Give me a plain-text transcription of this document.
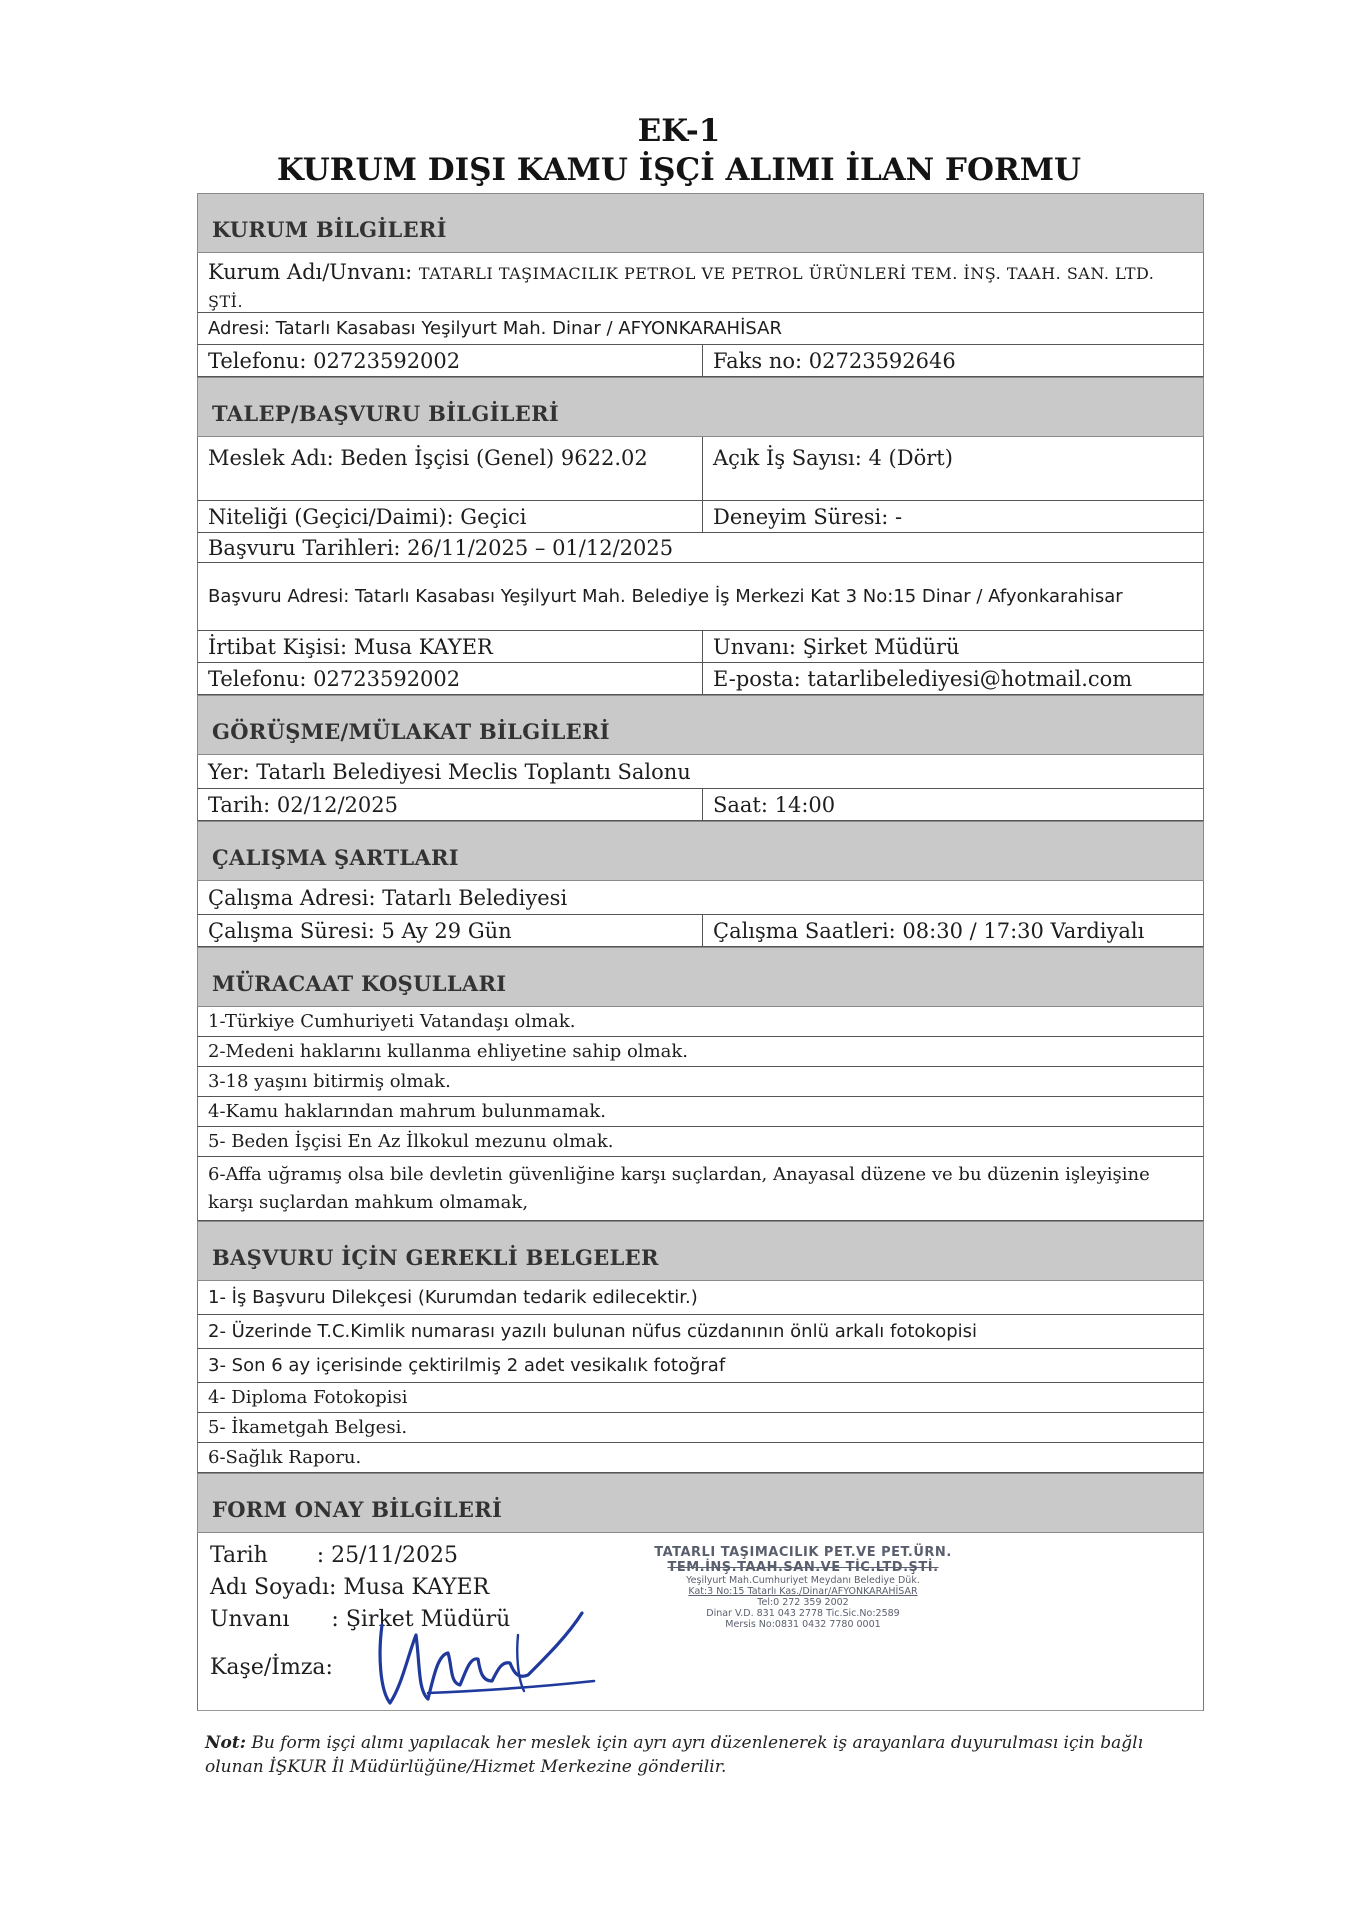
EK-1
KURUM DIŞI KAMU İŞÇİ ALIMI İLAN FORMU
KURUM BİLGİLERİ
Kurum Adı/Unvanı: TATARLI TAŞIMACILIK PETROL VE PETROL ÜRÜNLERİ TEM. İNŞ. TAAH. SAN. LTD. ŞTİ.
Adresi: Tatarlı Kasabası Yeşilyurt Mah. Dinar / AFYONKARAHİSAR
Telefonu: 02723592002	Faks no: 02723592646
TALEP/BAŞVURU BİLGİLERİ
Meslek Adı: Beden İşçisi (Genel) 9622.02	Açık İş Sayısı: 4 (Dört)
Niteliği (Geçici/Daimi): Geçici	Deneyim Süresi: -
Başvuru Tarihleri: 26/11/2025 – 01/12/2025
Başvuru Adresi: Tatarlı Kasabası Yeşilyurt Mah. Belediye İş Merkezi Kat 3 No:15 Dinar / Afyonkarahisar
İrtibat Kişisi: Musa KAYER	Unvanı: Şirket Müdürü
Telefonu: 02723592002	E-posta: tatarlibelediyesi@hotmail.com
GÖRÜŞME/MÜLAKAT BİLGİLERİ
Yer: Tatarlı Belediyesi Meclis Toplantı Salonu
Tarih: 02/12/2025	Saat: 14:00
ÇALIŞMA ŞARTLARI
Çalışma Adresi: Tatarlı Belediyesi
Çalışma Süresi: 5 Ay 29 Gün	Çalışma Saatleri: 08:30 / 17:30 Vardiyalı
MÜRACAAT KOŞULLARI
1-Türkiye Cumhuriyeti Vatandaşı olmak.
2-Medeni haklarını kullanma ehliyetine sahip olmak.
3-18 yaşını bitirmiş olmak.
4-Kamu haklarından mahrum bulunmamak.
5- Beden İşçisi En Az İlkokul mezunu olmak.
6-Affa uğramış olsa bile devletin güvenliğine karşı suçlardan, Anayasal düzene ve bu düzenin işleyişine karşı suçlardan mahkum olmamak,
BAŞVURU İÇİN GEREKLİ BELGELER
1- İş Başvuru Dilekçesi (Kurumdan tedarik edilecektir.)
2- Üzerinde T.C.Kimlik numarası yazılı bulunan nüfus cüzdanının önlü arkalı fotokopisi
3- Son 6 ay içerisinde çektirilmiş 2 adet vesikalık fotoğraf
4- Diploma Fotokopisi
5- İkametgah Belgesi.
6-Sağlık Raporu.
FORM ONAY BİLGİLERİ
Tarih       : 25/11/2025
Adı Soyadı: Musa KAYER
Unvanı      : Şirket Müdürü
Kaşe/İmza:
TATARLI TAŞIMACILIK PET.VE PET.ÜRN.
TEM.İNŞ.TAAH.SAN.VE TİC.LTD.ŞTİ.
Yeşilyurt Mah.Cumhuriyet Meydanı Belediye Dük.
Kat:3 No:15 Tatarlı Kas./Dinar/AFYONKARAHİSAR
Tel:0 272 359 2002
Dinar V.D. 831 043 2778 Tic.Sic.No:2589
Mersis No:0831 0432 7780 0001
Not: Bu form işçi alımı yapılacak her meslek için ayrı ayrı düzenlenerek iş arayanlara duyurulması için bağlı olunan İŞKUR İl Müdürlüğüne/Hizmet Merkezine gönderilir.
